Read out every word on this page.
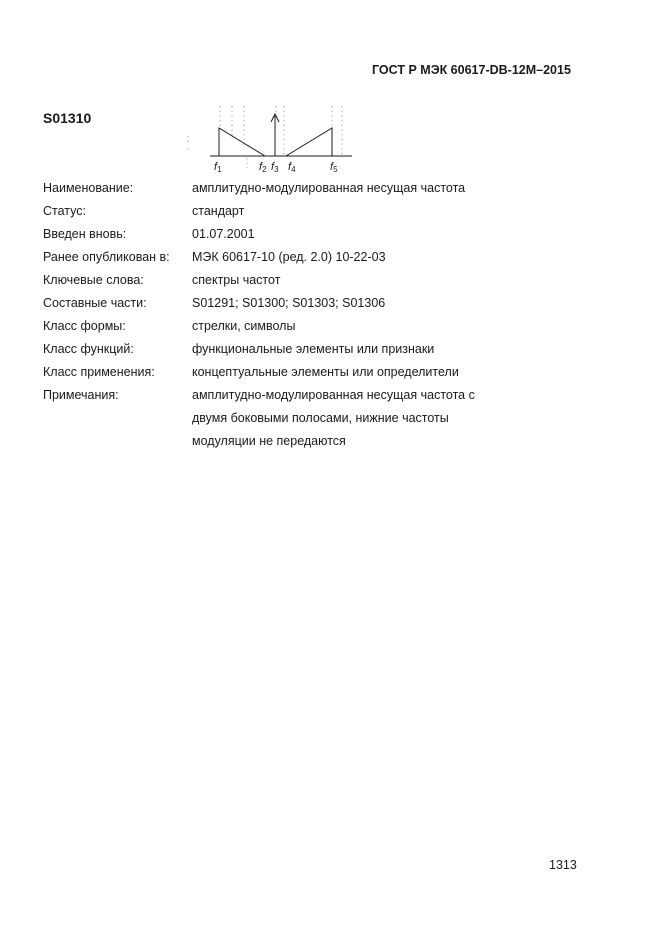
ГОСТ Р МЭК 60617-DB-12M–2015
S01310
f1	f2 f3 f4	f5
Наименование:	амплитудно-модулированная несущая частота
Статус:	стандарт
Введен вновь:	01.07.2001
Ранее опубликован в: МЭК 60617-10 (ред. 2.0) 10-22-03
Ключевые слова:	спектры частот
Составные части:	S01291; S01300; S01303; S01306
Класс формы:	стрелки, символы
Класс функций:	функциональные элементы или признаки
Класс применения:	концептуальные элементы или определители
Примечания:	амплитудно-модулированная несущая частота с
двумя боковыми полосами, нижние частоты
модуляции не передаются
1313
